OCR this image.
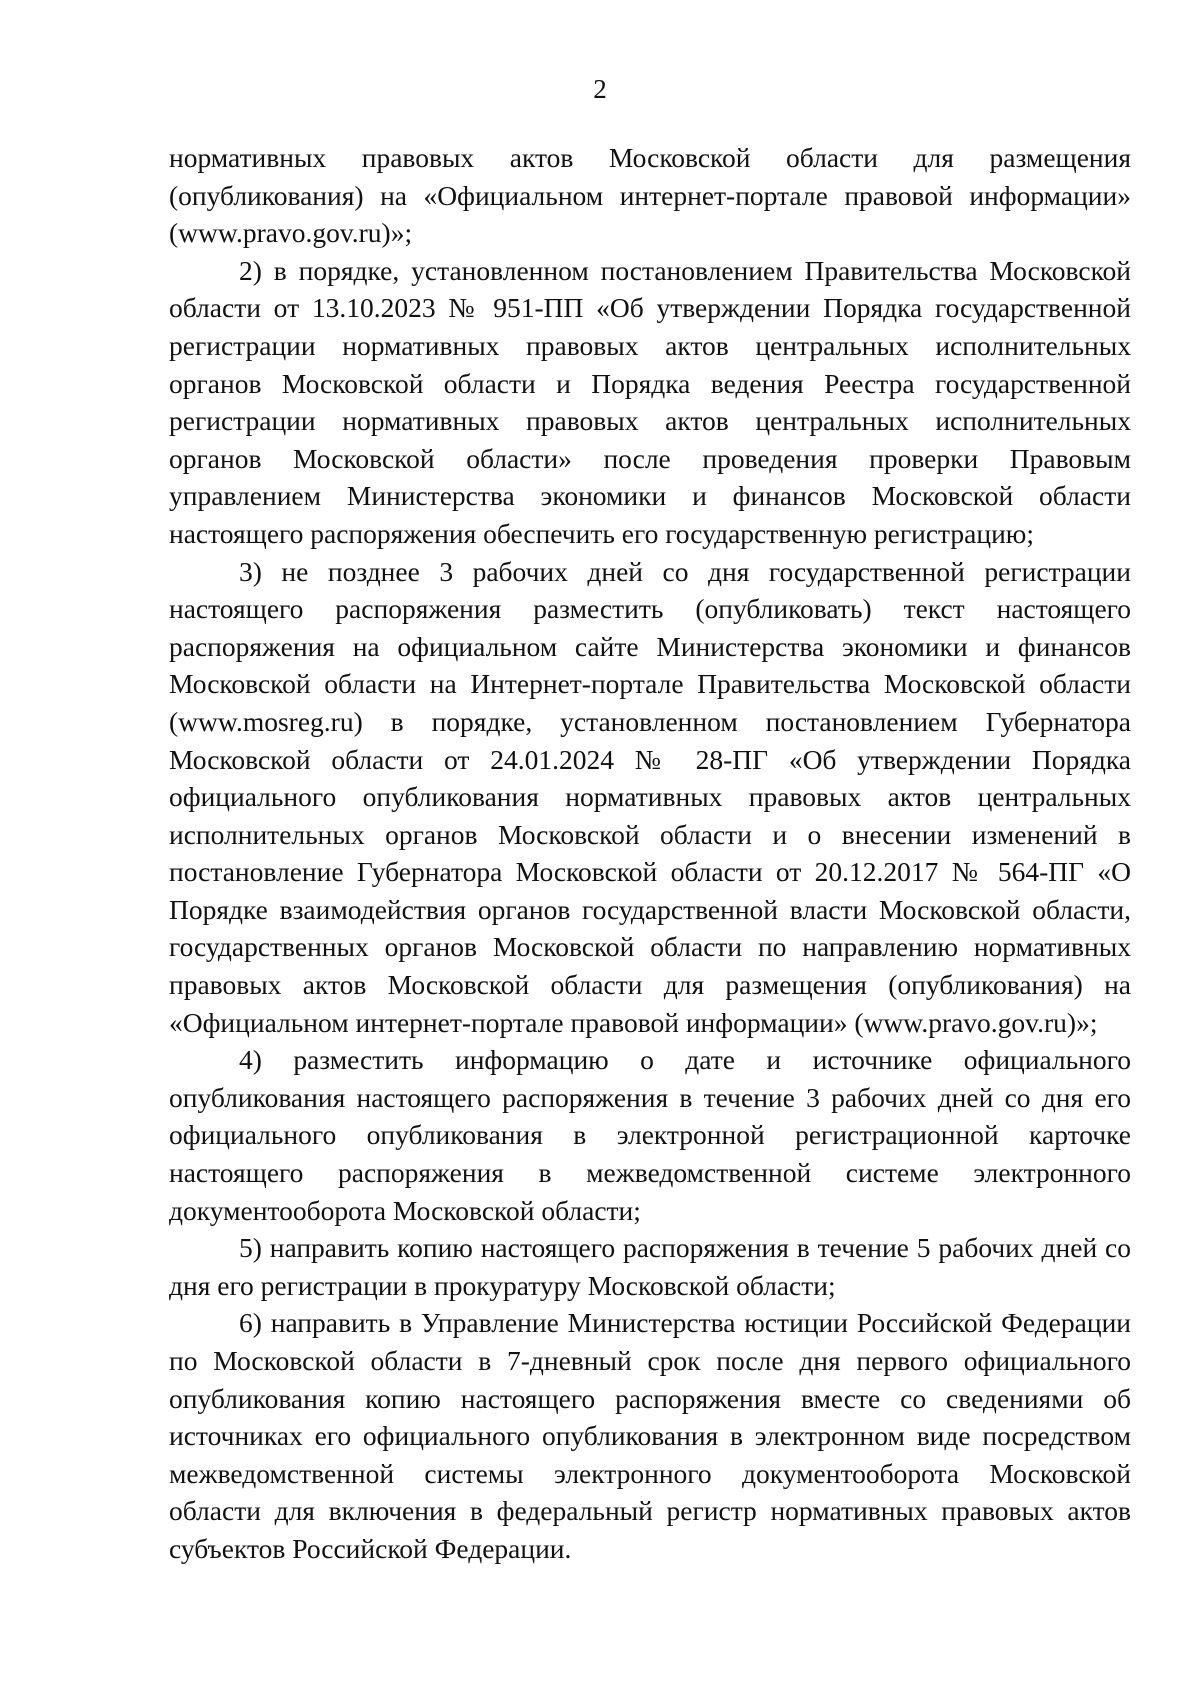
2

нормативных правовых актов Московской области для размещения (опубликования) на «Официальном интернет-портале правовой информации» (www.pravo.gov.ru)»;

2) в порядке, установленном постановлением Правительства Московской области от 13.10.2023 № 951-ПП «Об утверждении Порядка государственной регистрации нормативных правовых актов центральных исполнительных органов Московской области и Порядка ведения Реестра государственной регистрации нормативных правовых актов центральных исполнительных органов Московской области» после проведения проверки Правовым управлением Министерства экономики и финансов Московской области настоящего распоряжения обеспечить его государственную регистрацию;

3) не позднее 3 рабочих дней со дня государственной регистрации настоящего распоряжения разместить (опубликовать) текст настоящего распоряжения на официальном сайте Министерства экономики и финансов Московской области на Интернет-портале Правительства Московской области (www.mosreg.ru) в порядке, установленном постановлением Губернатора Московской области от 24.01.2024 № 28-ПГ «Об утверждении Порядка официального опубликования нормативных правовых актов центральных исполнительных органов Московской области и о внесении изменений в постановление Губернатора Московской области от 20.12.2017 № 564-ПГ «О Порядке взаимодействия органов государственной власти Московской области, государственных органов Московской области по направлению нормативных правовых актов Московской области для размещения (опубликования) на «Официальном интернет-портале правовой информации» (www.pravo.gov.ru)»;

4) разместить информацию о дате и источнике официального опубликования настоящего распоряжения в течение 3 рабочих дней со дня его официального опубликования в электронной регистрационной карточке настоящего распоряжения в межведомственной системе электронного документооборота Московской области;

5) направить копию настоящего распоряжения в течение 5 рабочих дней со дня его регистрации в прокуратуру Московской области;

6) направить в Управление Министерства юстиции Российской Федерации по Московской области в 7-дневный срок после дня первого официального опубликования копию настоящего распоряжения вместе со сведениями об источниках его официального опубликования в электронном виде посредством межведомственной системы электронного документооборота Московской области для включения в федеральный регистр нормативных правовых актов субъектов Российской Федерации.
